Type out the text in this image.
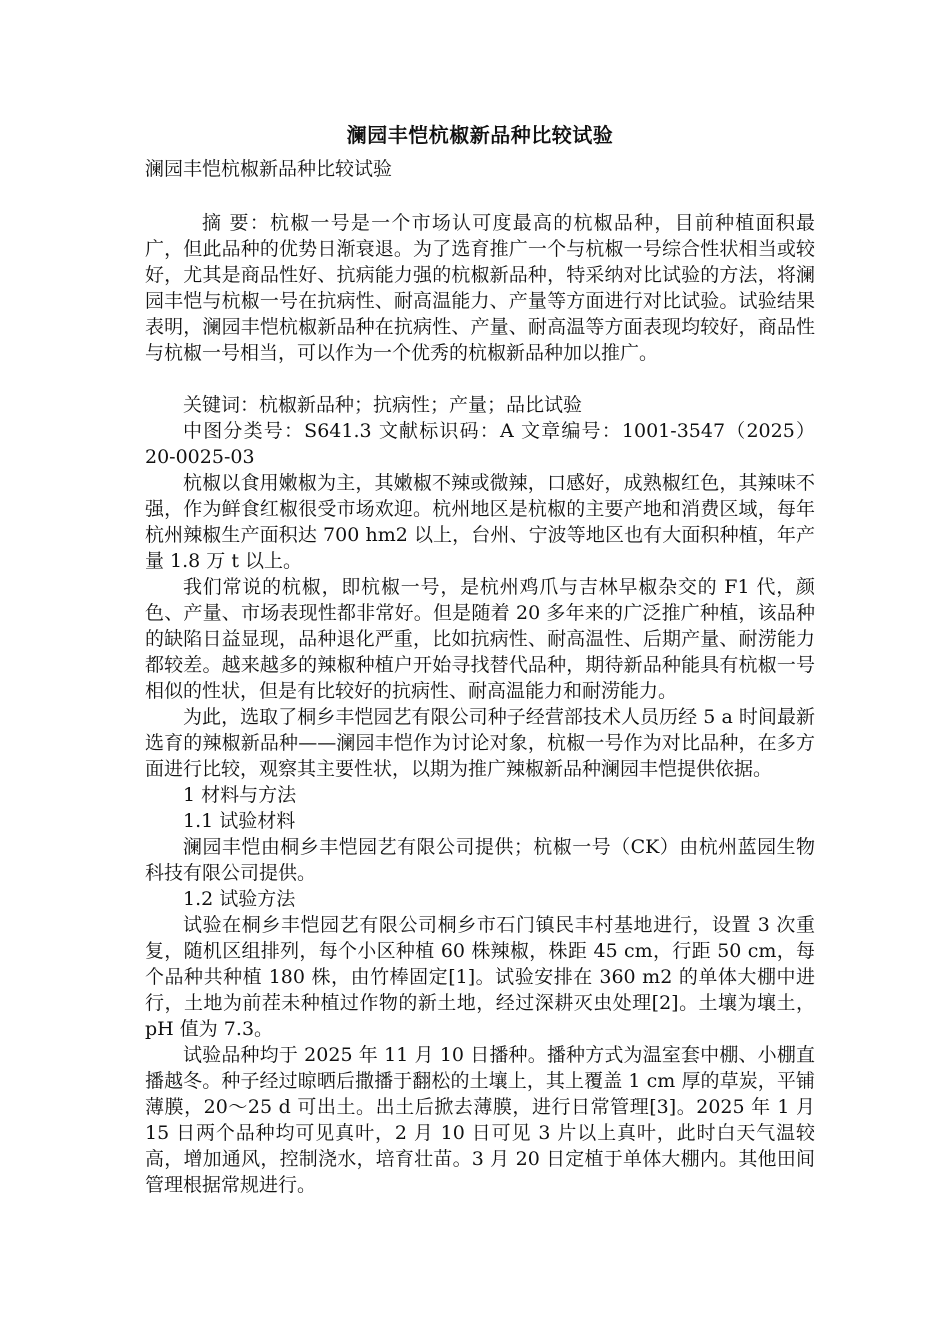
澜园丰恺杭椒新品种比较试验
澜园丰恺杭椒新品种比较试验

摘 要：杭椒一号是一个市场认可度最高的杭椒品种，目前种植面积最广，但此品种的优势日渐衰退。为了选育推广一个与杭椒一号综合性状相当或较好，尤其是商品性好、抗病能力强的杭椒新品种，特采纳对比试验的方法，将澜园丰恺与杭椒一号在抗病性、耐高温能力、产量等方面进行对比试验。试验结果表明，澜园丰恺杭椒新品种在抗病性、产量、耐高温等方面表现均较好，商品性与杭椒一号相当，可以作为一个优秀的杭椒新品种加以推广。

关键词：杭椒新品种；抗病性；产量；品比试验

中图分类号：S641.3 文献标识码：A 文章编号：1001-3547（2025）20-0025-03

杭椒以食用嫩椒为主，其嫩椒不辣或微辣，口感好，成熟椒红色，其辣味不强，作为鲜食红椒很受市场欢迎。杭州地区是杭椒的主要产地和消费区域，每年杭州辣椒生产面积达 700 hm2 以上，台州、宁波等地区也有大面积种植，年产量 1.8 万 t 以上。

我们常说的杭椒，即杭椒一号，是杭州鸡爪与吉林早椒杂交的 F1 代，颜色、产量、市场表现性都非常好。但是随着 20 多年来的广泛推广种植，该品种的缺陷日益显现，品种退化严重，比如抗病性、耐高温性、后期产量、耐涝能力都较差。越来越多的辣椒种植户开始寻找替代品种，期待新品种能具有杭椒一号相似的性状，但是有比较好的抗病性、耐高温能力和耐涝能力。

为此，选取了桐乡丰恺园艺有限公司种子经营部技术人员历经 5 a 时间最新选育的辣椒新品种——澜园丰恺作为讨论对象，杭椒一号作为对比品种，在多方面进行比较，观察其主要性状，以期为推广辣椒新品种澜园丰恺提供依据。

1 材料与方法

1.1 试验材料

澜园丰恺由桐乡丰恺园艺有限公司提供；杭椒一号（CK）由杭州蓝园生物科技有限公司提供。

1.2 试验方法

试验在桐乡丰恺园艺有限公司桐乡市石门镇民丰村基地进行，设置 3 次重复，随机区组排列，每个小区种植 60 株辣椒，株距 45 cm，行距 50 cm，每个品种共种植 180 株，由竹棒固定[1]。试验安排在 360 m2 的单体大棚中进行，土地为前茬未种植过作物的新土地，经过深耕灭虫处理[2]。土壤为壤土，pH 值为 7.3。

试验品种均于 2025 年 11 月 10 日播种。播种方式为温室套中棚、小棚直播越冬。种子经过晾晒后撒播于翻松的土壤上，其上覆盖 1 cm 厚的草炭，平铺薄膜，20～25 d 可出土。出土后掀去薄膜，进行日常管理[3]。2025 年 1 月 15 日两个品种均可见真叶，2 月 10 日可见 3 片以上真叶，此时白天气温较高，增加通风，控制浇水，培育壮苗。3 月 20 日定植于单体大棚内。其他田间管理根据常规进行。
